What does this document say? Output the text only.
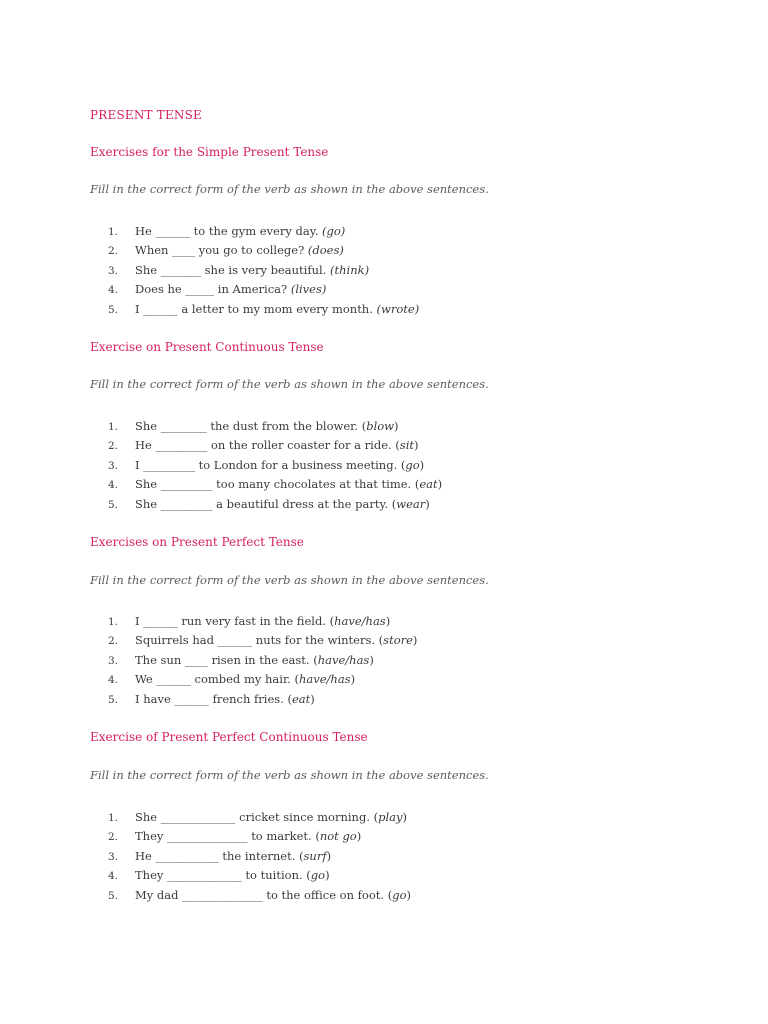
PRESENT TENSE
Exercises for the Simple Present Tense
Fill in the correct form of the verb as shown in the above sentences.
1. He ______ to the gym every day. (go)
2. When ____ you go to college? (does)
3. She _______ she is very beautiful. (think)
4. Does he _____ in America? (lives)
5. I ______ a letter to my mom every month. (wrote)
Exercise on Present Continuous Tense
Fill in the correct form of the verb as shown in the above sentences.
1. She ________ the dust from the blower. (blow)
2. He _________ on the roller coaster for a ride. (sit)
3. I _________ to London for a business meeting. (go)
4. She _________ too many chocolates at that time. (eat)
5. She _________ a beautiful dress at the party. (wear)
Exercises on Present Perfect Tense
Fill in the correct form of the verb as shown in the above sentences.
1. I ______ run very fast in the field. (have/has)
2. Squirrels had ______ nuts for the winters. (store)
3. The sun ____ risen in the east. (have/has)
4. We ______ combed my hair. (have/has)
5. I have ______ french fries. (eat)
Exercise of Present Perfect Continuous Tense
Fill in the correct form of the verb as shown in the above sentences.
1. She _____________ cricket since morning. (play)
2. They ______________ to market. (not go)
3. He ___________ the internet. (surf)
4. They _____________ to tuition. (go)
5. My dad ______________ to the office on foot. (go)
